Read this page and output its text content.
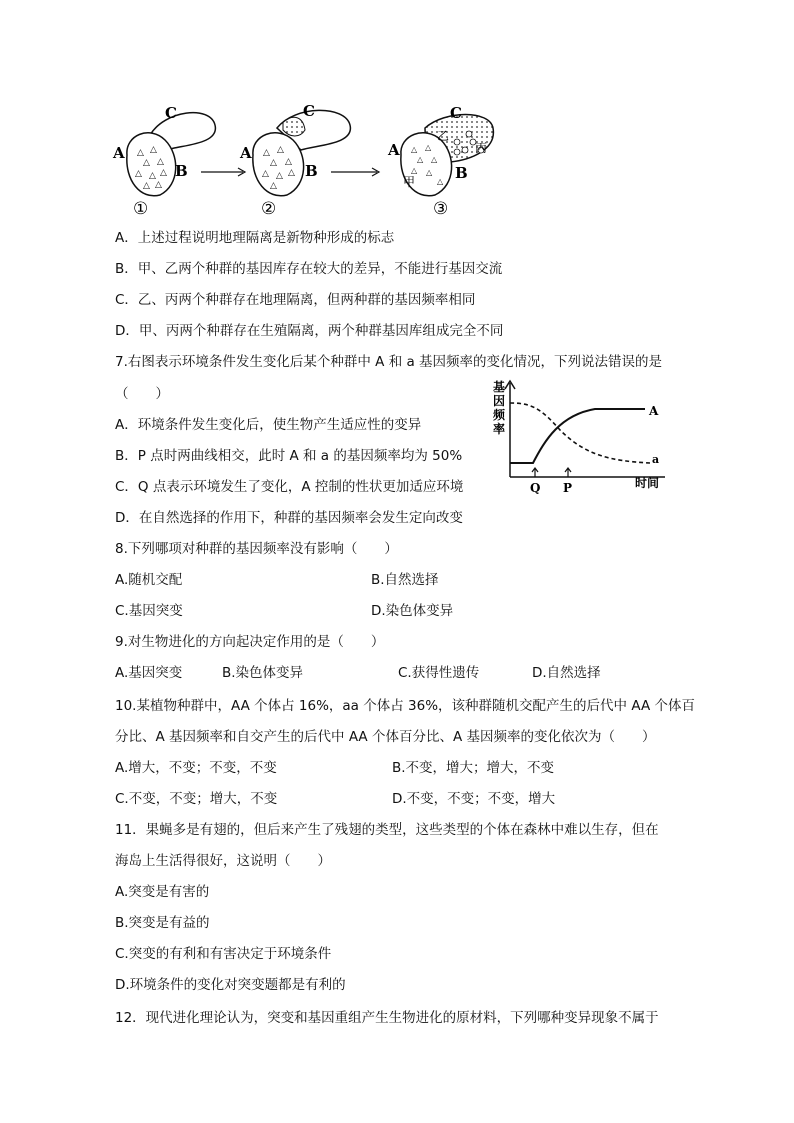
△ △
△ △
△ △ △
△ △
A
B
C
①
△ △
△ △
△ △ △
△
A
B
C
②
△ △
△ △
△ △
△
A
B
C
甲
乙
丙
③
A．上述过程说明地理隔离是新物种形成的标志
B．甲、乙两个种群的基因库存在较大的差异，不能进行基因交流
C．乙、丙两个种群存在地理隔离，但两种群的基因频率相同
D．甲、丙两个种群存在生殖隔离，两个种群基因库组成完全不同
7.右图表示环境条件发生变化后某个种群中 A 和 a 基因频率的变化情况，下列说法错误的是
（　　）
A．环境条件发生变化后，使生物产生适应性的变异
B．P 点时两曲线相交，此时 A 和 a 的基因频率均为 50%
C．Q 点表示环境发生了变化，A 控制的性状更加适应环境
D．在自然选择的作用下，种群的基因频率会发生定向改变
基
因
频
率
A
a
Q P	时间
8.下列哪项对种群的基因频率没有影响（　　）
A.随机交配	B.自然选择
C.基因突变	D.染色体变异
9.对生物进化的方向起决定作用的是（　　）
A.基因突变	B.染色体变异	C.获得性遗传	D.自然选择
10.某植物种群中，AA 个体占 16%，aa 个体占 36%，该种群随机交配产生的后代中 AA 个体百
分比、A 基因频率和自交产生的后代中 AA 个体百分比、A 基因频率的变化依次为（　　）
A.增大，不变；不变，不变	B.不变，增大；增大，不变
C.不变，不变；增大，不变	D.不变，不变；不变，增大
11．果蝇多是有翅的，但后来产生了残翅的类型，这些类型的个体在森林中难以生存，但在
海岛上生活得很好，这说明（　　）
A.突变是有害的
B.突变是有益的
C.突变的有利和有害决定于环境条件
D.环境条件的变化对突变题都是有利的
12．现代进化理论认为，突变和基因重组产生生物进化的原材料，下列哪种变异现象不属于
